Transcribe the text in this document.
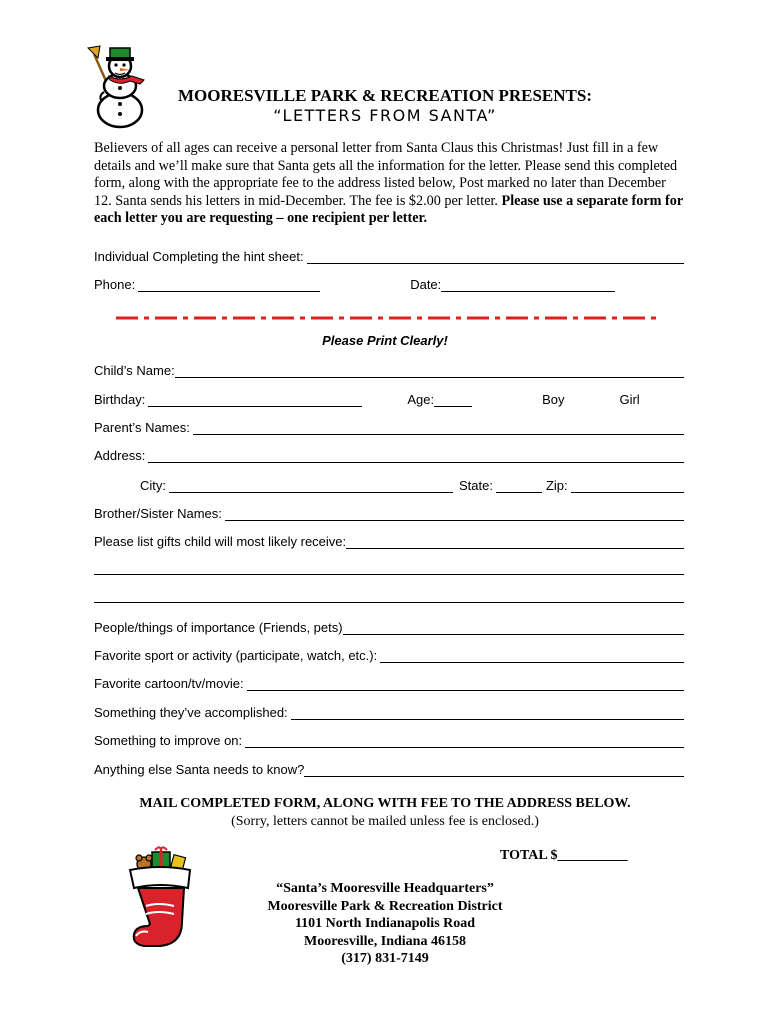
MOORESVILLE PARK & RECREATION PRESENTS:
“LETTERS FROM SANTA”
Believers of all ages can receive a personal letter from Santa Claus this Christmas! Just fill in a few details and we’ll make sure that Santa gets all the information for the letter. Please send this completed form, along with the appropriate fee to the address listed below, Post marked no later than December 12. Santa sends his letters in mid-December. The fee is $2.00 per letter. Please use a separate form for each letter you are requesting – one recipient per letter.
Individual Completing the hint sheet:
Phone:	Date:
Please Print Clearly!
Child’s Name:
Birthday:	Age:	Boy	Girl
Parent’s Names:
Address:
City:	State:	Zip:
Brother/Sister Names:
Please list gifts child will most likely receive:
People/things of importance (Friends, pets)
Favorite sport or activity (participate, watch, etc.):
Favorite cartoon/tv/movie:
Something they’ve accomplished:
Something to improve on:
Anything else Santa needs to know?
MAIL COMPLETED FORM, ALONG WITH FEE TO THE ADDRESS BELOW.
(Sorry, letters cannot be mailed unless fee is enclosed.)
TOTAL $__________
“Santa’s Mooresville Headquarters”
Mooresville Park & Recreation District
1101 North Indianapolis Road
Mooresville, Indiana 46158
(317) 831-7149
